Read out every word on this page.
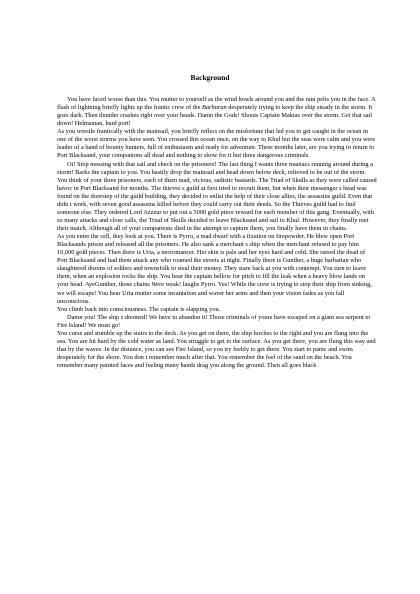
Background

You have faced worse than this. You mutter to yourself as the wind howls around you and the rain pelts you in the face. A flash of lightning briefly lights up the frantic crew of the Barbaran desperately trying to keep the ship steady in the storm. It goes dark. Then thunder crashes right over your heads. Damn the Gods! Shouts Captain Maktas over the storm. Get that sail down! Helmsman, hard port!

As you wrestle frantically with the mainsail, you briefly reflect on the misfortune that led you to get caught in the ocean in one of the worst storms you have seen. You crossed this ocean once, on the way to Khul but the seas were calm and you were leader of a band of bounty hunters, full of enthusiasm and ready for adventure. Three months later, are you trying to return to Port Blacksand, your companions all dead and nothing to show for it but three dangerous criminals.

Oi! Stop messing with that sail and check on the prisoners! The last thing I wants three maniacs running around during a storm! Barks the captain to you. You hastily drop the mainsail and head down below deck, relieved to be out of the storm. You think of your three prisoners, each of them mad, vicious, sadistic bastards. The Triad of Skulls as they were called caused havoc in Port Blacksand for months. The thieves s guild at first tried to recruit them, but when their messenger s head was found on the doorstep of the guild building, they decided to enlist the help of their close allies, the assassins guild. Even that didn t work, with seven good assassins killed before they could carry out their deeds. So the Thieves guild had to find someone else. They ordered Lord Azzzur to put out a 5000 gold piece reward for each member of this gang. Eventually, with so many attacks and close calls, the Triad of Skulls decided to leave Blacksand and sail to Khul. However, they finally met their match. Although all of your companions died in the attempt to capture them, you finally have them in chains.

As you enter the cell, they look at you. There is Pyrro, a mad dwarf with a fixation on firepowder. He blew open Port Blacksands prison and released all the prisoners. He also sank a merchant s ship when the merchant refused to pay him 10,000 gold pieces. Then there is Uria, a necromancer. Her skin is pale and her eyes hard and cold. She raised the dead of Port Blacksand and had them attack any who roamed the streets at night. Finally there is Gunther, a huge barbarian who slaughtered dozens of solders and townsfolk to steal their money. They stare back at you with contempt. You turn to leave them, when an explosion rocks the ship. You hear the captain bellow for pitch to fill the leak when a heavy blow lands on your head. AyeGunther, those chains Were weak! laughs Pyrro. Yes! While the crew is trying to stop their ship from sinking, we will escape! You hear Uria mutter some incantation and waver her arms and then your vision fades as you fall unconscious.

You climb back into consciousness. The captain is slapping you.

Damn you! The ship s doomed! We have to abandon it! Those criminals of yours have escaped on a giant sea serpent to Fire Island! We must go!

You curse and stumble up the stairs to the deck. As you get on there, the ship lurches to the right and you are flung into the sea. You are hit hard by the cold water as land. You struggle to get to the surface. As you get there, you are flung this way and that by the waves. In the distance, you can see Fire Island, so you try feebly to get there. You start to panic and swim desperately for the shore. You don t remember much after that. You remember the feel of the sand on the beach. You remember many painted faces and feeling many hands drag you along the ground. Then all goes black
